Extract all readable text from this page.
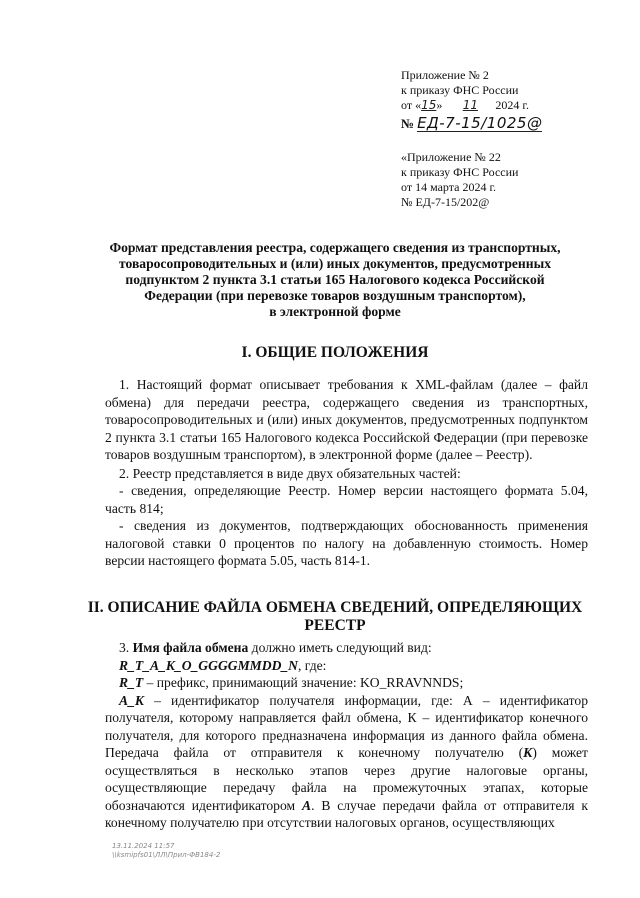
Приложение № 2
к приказу ФНС России
от «15» 11 2024 г.
№ ЕД-7-15/1025@
«Приложение № 22
к приказу ФНС России
от 14 марта 2024 г.
№ ЕД-7-15/202@
Формат представления реестра, содержащего сведения из транспортных,
товаросопроводительных и (или) иных документов, предусмотренных
подпунктом 2 пункта 3.1 статьи 165 Налогового кодекса Российской
Федерации (при перевозке товаров воздушным транспортом),
в электронной форме
I. ОБЩИЕ ПОЛОЖЕНИЯ

1. Настоящий формат описывает требования к XML-файлам (далее – файл обмена) для передачи реестра, содержащего сведения из транспортных, товаросопроводительных и (или) иных документов, предусмотренных подпунктом 2 пункта 3.1 статьи 165 Налогового кодекса Российской Федерации (при перевозке товаров воздушным транспортом), в электронной форме (далее – Реестр).

2. Реестр представляется в виде двух обязательных частей:

- сведения, определяющие Реестр. Номер версии настоящего формата 5.04, часть 814;

- сведения из документов, подтверждающих обоснованность применения налоговой ставки 0 процентов по налогу на добавленную стоимость. Номер версии настоящего формата 5.05, часть 814-1.

II. ОПИСАНИЕ ФАЙЛА ОБМЕНА СВЕДЕНИЙ, ОПРЕДЕЛЯЮЩИХ
РЕЕСТР

3. Имя файла обмена должно иметь следующий вид:

R_T_A_K_O_GGGGMMDD_N, где:

R_T – префикс, принимающий значение: KO_RRAVNNDS;

A_K – идентификатор получателя информации, где: А – идентификатор получателя, которому направляется файл обмена, К – идентификатор конечного получателя, для которого предназначена информация из данного файла обмена. Передача файла от отправителя к конечному получателю (К) может осуществляться в несколько этапов через другие налоговые органы, осуществляющие передачу файла на промежуточных этапах, которые обозначаются идентификатором А. В случае передачи файла от отправителя к конечному получателю при отсутствии налоговых органов, осуществляющих

13.11.2024 11:57
\\ksmipfs01\ЛЛ\Прил-ФВ184-2
